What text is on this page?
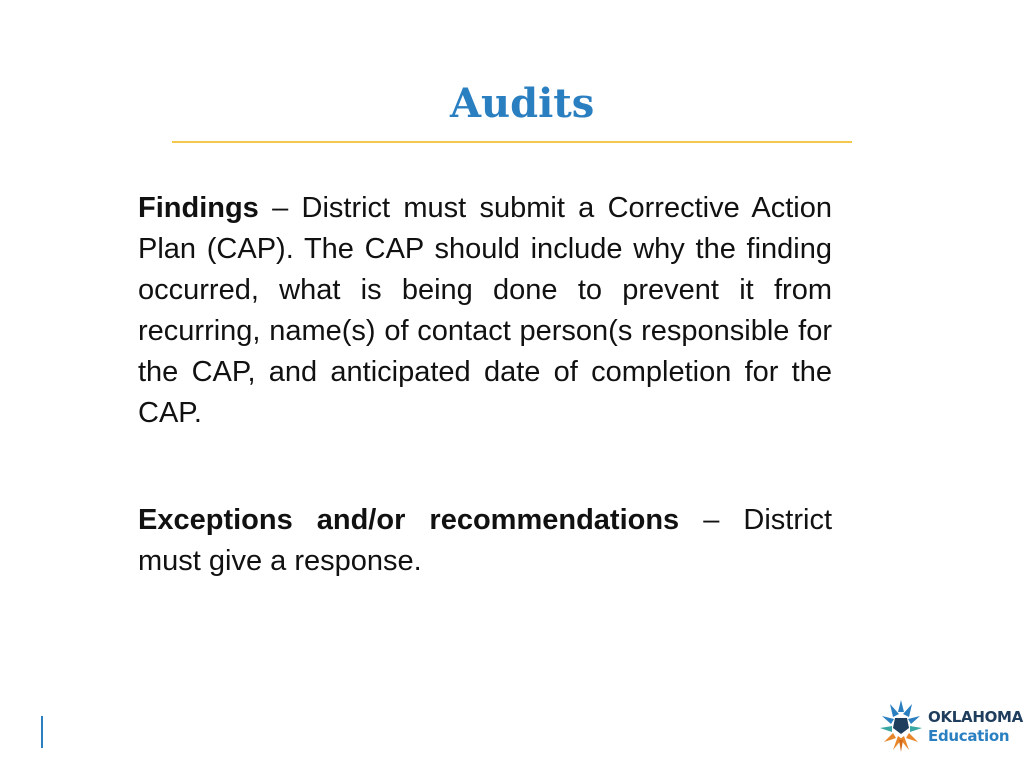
Audits

Findings – District must submit a Corrective Action Plan (CAP). The CAP should include why the finding occurred, what is being done to prevent it from recurring, name(s) of contact person(s responsible for the CAP, and anticipated date of completion for the CAP.

Exceptions and/or recommendations – District must give a response.

OKLAHOMA
Education
